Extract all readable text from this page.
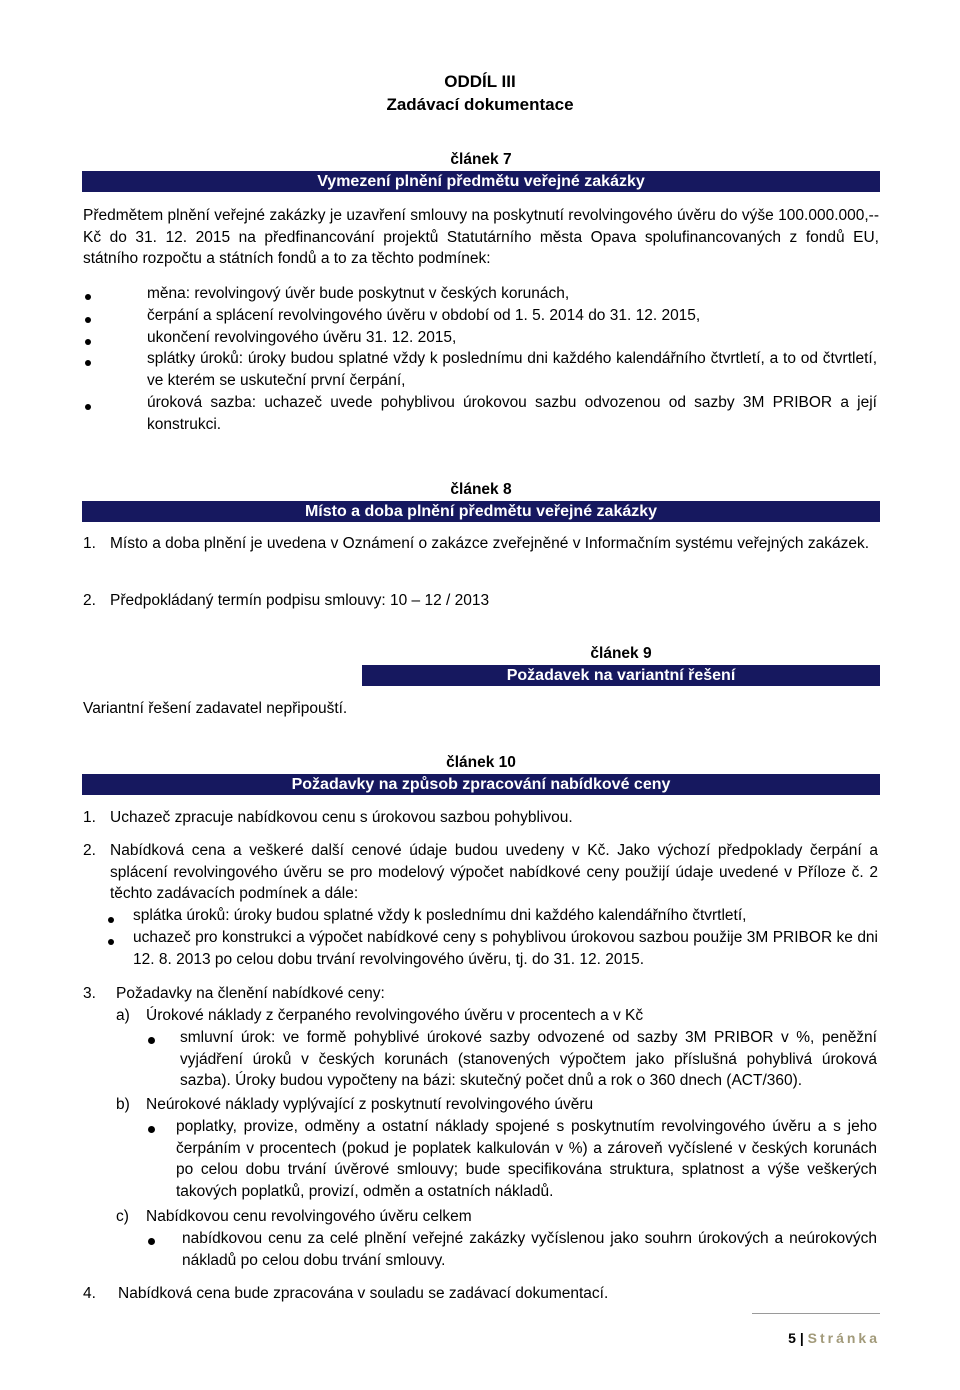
ODDÍL III
Zadávací dokumentace
článek 7
Vymezení plnění předmětu veřejné zakázky
Předmětem plnění veřejné zakázky je uzavření smlouvy na poskytnutí revolvingového úvěru do výše 100.000.000,-- Kč do 31. 12. 2015 na předfinancování projektů Statutárního města Opava spolufinancovaných z fondů EU, státního rozpočtu a státních fondů a to za těchto podmínek:
měna: revolvingový úvěr bude poskytnut v českých korunách,
čerpání a splácení revolvingového úvěru v období od 1. 5. 2014 do 31. 12. 2015,
ukončení revolvingového úvěru 31. 12. 2015,
splátky úroků: úroky budou splatné vždy k poslednímu dni každého kalendářního čtvrtletí, a to od čtvrtletí, ve kterém se uskuteční první čerpání,
úroková sazba: uchazeč uvede pohyblivou úrokovou sazbu odvozenou od sazby 3M PRIBOR a její konstrukci.
článek 8
Místo a doba plnění předmětu veřejné zakázky
1. Místo a doba plnění je uvedena v Oznámení o zakázce zveřejněné v Informačním systému veřejných zakázek.
2. Předpokládaný termín podpisu smlouvy: 10 – 12 / 2013
článek 9
Požadavek na variantní řešení
Variantní řešení zadavatel nepřipouští.
článek 10
Požadavky na způsob zpracování nabídkové ceny
1. Uchazeč zpracuje nabídkovou cenu s úrokovou sazbou pohyblivou.
2. Nabídková cena a veškeré další cenové údaje budou uvedeny v Kč. Jako výchozí předpoklady čerpání a splácení revolvingového úvěru se pro modelový výpočet nabídkové ceny použijí údaje uvedené v Příloze č. 2 těchto zadávacích podmínek a dále:
splátka úroků: úroky budou splatné vždy k poslednímu dni každého kalendářního čtvrtletí,
uchazeč pro konstrukci a výpočet nabídkové ceny s pohyblivou úrokovou sazbou použije 3M PRIBOR ke dni 12. 8. 2013 po celou dobu trvání revolvingového úvěru, tj. do 31. 12. 2015.
3. Požadavky na členění nabídkové ceny:
a) Úrokové náklady z čerpaného revolvingového úvěru v procentech a v Kč
smluvní úrok: ve formě pohyblivé úrokové sazby odvozené od sazby 3M PRIBOR v %, peněžní vyjádření úroků v českých korunách (stanovených výpočtem jako příslušná pohyblivá úroková sazba). Úroky budou vypočteny na bázi: skutečný počet dnů a rok o 360 dnech (ACT/360).
b) Neúrokové náklady vyplývající z poskytnutí revolvingového úvěru
poplatky, provize, odměny a ostatní náklady spojené s poskytnutím revolvingového úvěru a s jeho čerpáním v procentech (pokud je poplatek kalkulován v %) a zároveň vyčíslené v českých korunách po celou dobu trvání úvěrové smlouvy; bude specifikována struktura, splatnost a výše veškerých takových poplatků, provizí, odměn a ostatních nákladů.
c) Nabídkovou cenu revolvingového úvěru celkem
nabídkovou cenu za celé plnění veřejné zakázky vyčíslenou jako souhrn úrokových a neúrokových nákladů po celou dobu trvání smlouvy.
4. Nabídková cena bude zpracována v souladu se zadávací dokumentací.
5 | Stránka
